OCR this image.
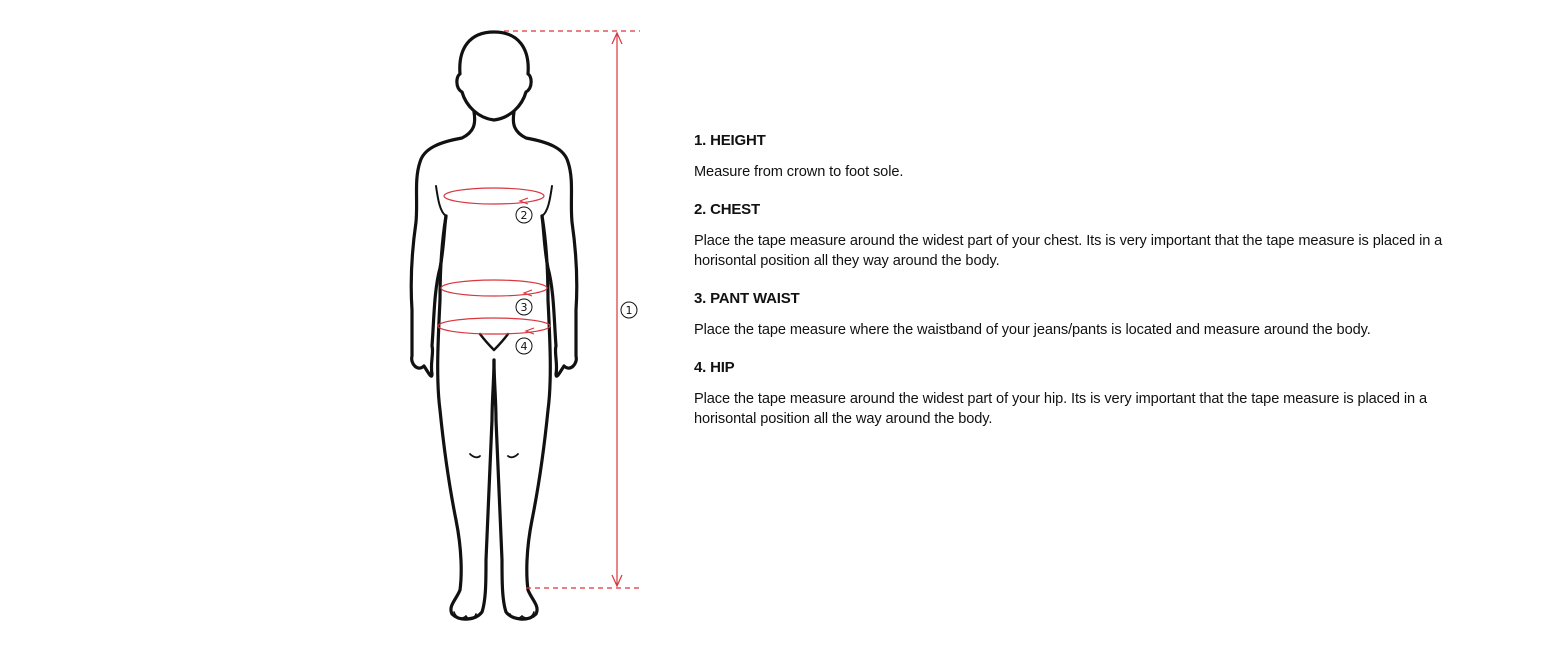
1
2
3
4
1. HEIGHT

Measure from crown to foot sole.

2. CHEST

Place the tape measure around the widest part of your chest. Its is very important that the tape measure is placed in a horisontal position all they way around the body.

3. PANT WAIST

Place the tape measure where the waistband of your jeans/pants is located and measure around the body.

4. HIP

Place the tape measure around the widest part of your hip. Its is very important that the tape measure is placed in a horisontal position all the way around the body.
